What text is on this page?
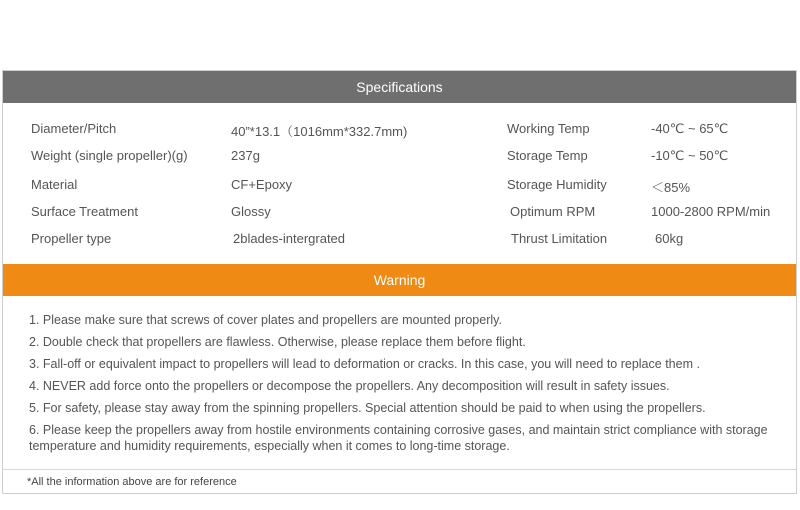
Specifications
Diameter/Pitch	40”*13.1（1016mm*332.7mm)	Working Temp	-40℃ ~ 65℃
Weight (single propeller)(g)	237g	Storage Temp	-10℃ ~ 50℃
Material	CF+Epoxy	Storage Humidity	＜85%
Surface Treatment	Glossy	Optimum RPM	1000-2800 RPM/min
Propeller type	2blades-intergrated	Thrust Limitation	60kg
Warning
1. Please make sure that screws of cover plates and propellers are mounted properly.
2. Double check that propellers are flawless. Otherwise, please replace them before flight.
3. Fall-off or equivalent impact to propellers will lead to deformation or cracks. In this case, you will need to replace them .
4. NEVER add force onto the propellers or decompose the propellers. Any decomposition will result in safety issues.
5. For safety, please stay away from the spinning propellers. Special attention should be paid to when using the propellers.
6. Please keep the propellers away from hostile environments containing corrosive gases, and maintain strict compliance with storage temperature and humidity requirements, especially when it comes to long-time storage.
*All the information above are for reference
